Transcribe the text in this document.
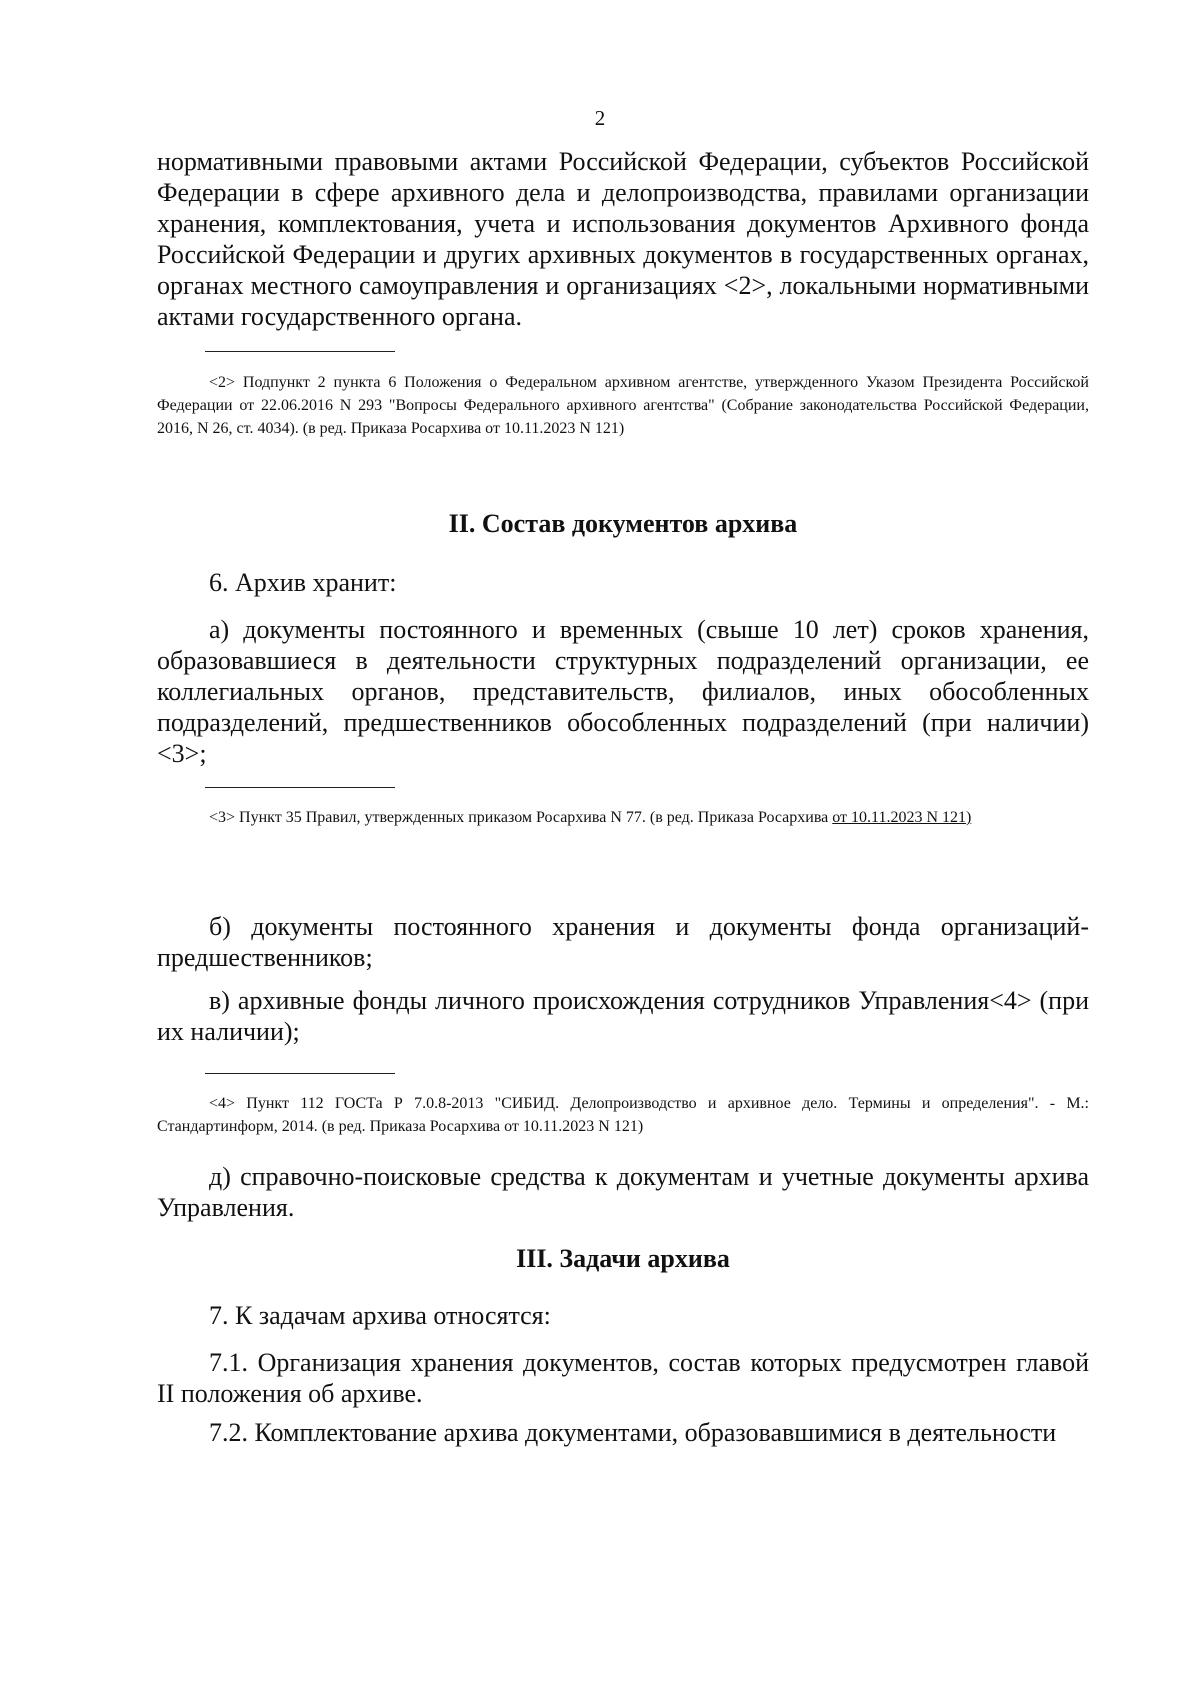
2
нормативными правовыми актами Российской Федерации, субъектов Российской Федерации в сфере архивного дела и делопроизводства, правилами организации хранения, комплектования, учета и использования документов Архивного фонда Российской Федерации и других архивных документов в государственных органах, органах местного самоуправления и организациях <2>, локальными нормативными актами государственного органа.
<2> Подпункт 2 пункта 6 Положения о Федеральном архивном агентстве, утвержденного Указом Президента Российской Федерации от 22.06.2016 N 293 "Вопросы Федерального архивного агентства" (Собрание законодательства Российской Федерации, 2016, N 26, ст. 4034). (в ред. Приказа Росархива от 10.11.2023 N 121)
II. Состав документов архива
6. Архив хранит:
а) документы постоянного и временных (свыше 10 лет) сроков хранения, образовавшиеся в деятельности структурных подразделений организации, ее коллегиальных органов, представительств, филиалов, иных обособленных подразделений, предшественников обособленных подразделений (при наличии) <3>;
<3> Пункт 35 Правил, утвержденных приказом Росархива N 77. (в ред. Приказа Росархива от 10.11.2023 N 121)
б) документы постоянного хранения и документы фонда организаций-предшественников;
в) архивные фонды личного происхождения сотрудников Управления<4> (при их наличии);
<4> Пункт 112 ГОСТа Р 7.0.8-2013 "СИБИД. Делопроизводство и архивное дело. Термины и определения". - М.: Стандартинформ, 2014. (в ред. Приказа Росархива от 10.11.2023 N 121)
д) справочно-поисковые средства к документам и учетные документы архива Управления.
III. Задачи архива
7. К задачам архива относятся:
7.1. Организация хранения документов, состав которых предусмотрен главой II положения об архиве.
7.2. Комплектование архива документами, образовавшимися в деятельности
